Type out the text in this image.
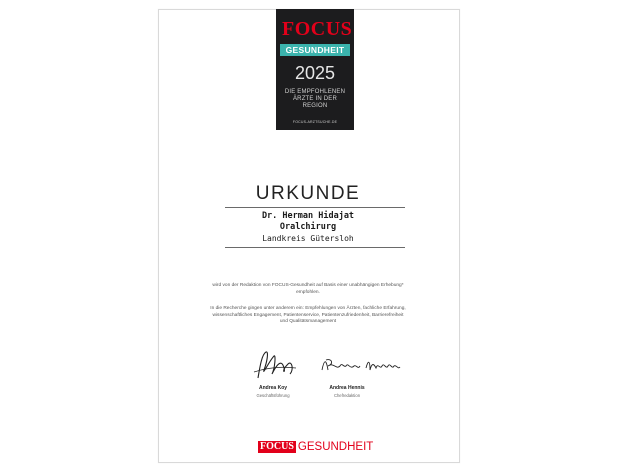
FOCUS
GESUNDHEIT
2025
DIE EMPFOHLENEN ÄRZTE IN DER REGION
FOCUS-ARZTSUCHE.DE

URKUNDE
Dr. Herman Hidajat
Oralchirurg
Landkreis Gütersloh
wird von der Redaktion von FOCUS-Gesundheit auf Basis einer unabhängigen Erhebung* empfohlen.
In die Recherche gingen unter anderem ein: Empfehlungen von Ärzten, fachliche Erfahrung, wissenschaftliches Engagement, Patientenservice, Patientenzufriedenheit, Barrierefreiheit und Qualitätsmanagement
Andrea Koy
Geschäftsführung
Andrea Hennis
Chefredaktion
FOCUS GESUNDHEIT
